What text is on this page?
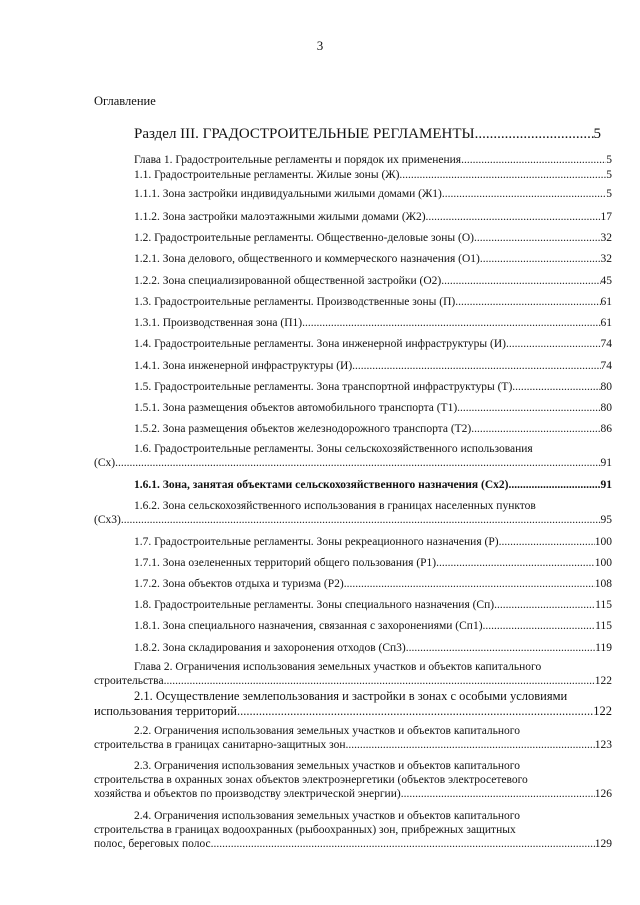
3
Оглавление
Раздел III. ГРАДОСТРОИТЕЛЬНЫЕ РЕГЛАМЕНТЫ .....	5
Глава 1. Градостроительные регламенты и порядок их применения .....	5
1.1. Градостроительные регламенты. Жилые зоны (Ж) .....	5
1.1.1. Зона застройки индивидуальными жилыми домами (Ж1) .....	5
1.1.2. Зона застройки малоэтажными жилыми домами (Ж2) .....	17
1.2. Градостроительные регламенты. Общественно-деловые зоны (О) .....	32
1.2.1. Зона делового, общественного и коммерческого назначения (О1) .....	32
1.2.2. Зона специализированной общественной застройки (О2) .....	45
1.3. Градостроительные регламенты. Производственные зоны (П) .....	61
1.3.1. Производственная зона (П1) .....	61
1.4. Градостроительные регламенты. Зона инженерной инфраструктуры (И) .....	74
1.4.1. Зона инженерной инфраструктуры (И) .....	74
1.5. Градостроительные регламенты. Зона транспортной инфраструктуры (Т) .....	80
1.5.1. Зона размещения объектов автомобильного транспорта (Т1) .....	80
1.5.2. Зона размещения объектов железнодорожного транспорта (Т2) .....	86
1.6. Градостроительные регламенты. Зоны сельскохозяйственного использования
(Сх) .....	91
1.6.1. Зона, занятая объектами сельскохозяйственного назначения (Сх2) .....	91
1.6.2. Зона сельскохозяйственного использования в границах населенных пунктов
(Сх3) .....	95
1.7. Градостроительные регламенты. Зоны рекреационного назначения (Р) .....	100
1.7.1. Зона озелененных территорий общего пользования (Р1) .....	100
1.7.2. Зона объектов отдыха и туризма (Р2) .....	108
1.8. Градостроительные регламенты. Зоны специального назначения (Сп) .....	115
1.8.1. Зона специального назначения, связанная с захоронениями (Сп1) .....	115
1.8.2. Зона складирования и захоронения отходов (Сп3) .....	119
Глава 2. Ограничения использования земельных участков и объектов капитального
строительства .....	122
2.1. Осуществление землепользования и застройки в зонах с особыми условиями
использования территорий .....	122
2.2. Ограничения использования земельных участков и объектов капитального
строительства в границах санитарно-защитных зон .....	123
2.3. Ограничения использования земельных участков и объектов капитального
строительства в охранных зонах объектов электроэнергетики (объектов электросетевого
хозяйства и объектов по производству электрической энергии) .....	126
2.4. Ограничения использования земельных участков и объектов капитального
строительства в границах водоохранных (рыбоохранных) зон, прибрежных защитных
полос, береговых полос .....	129
